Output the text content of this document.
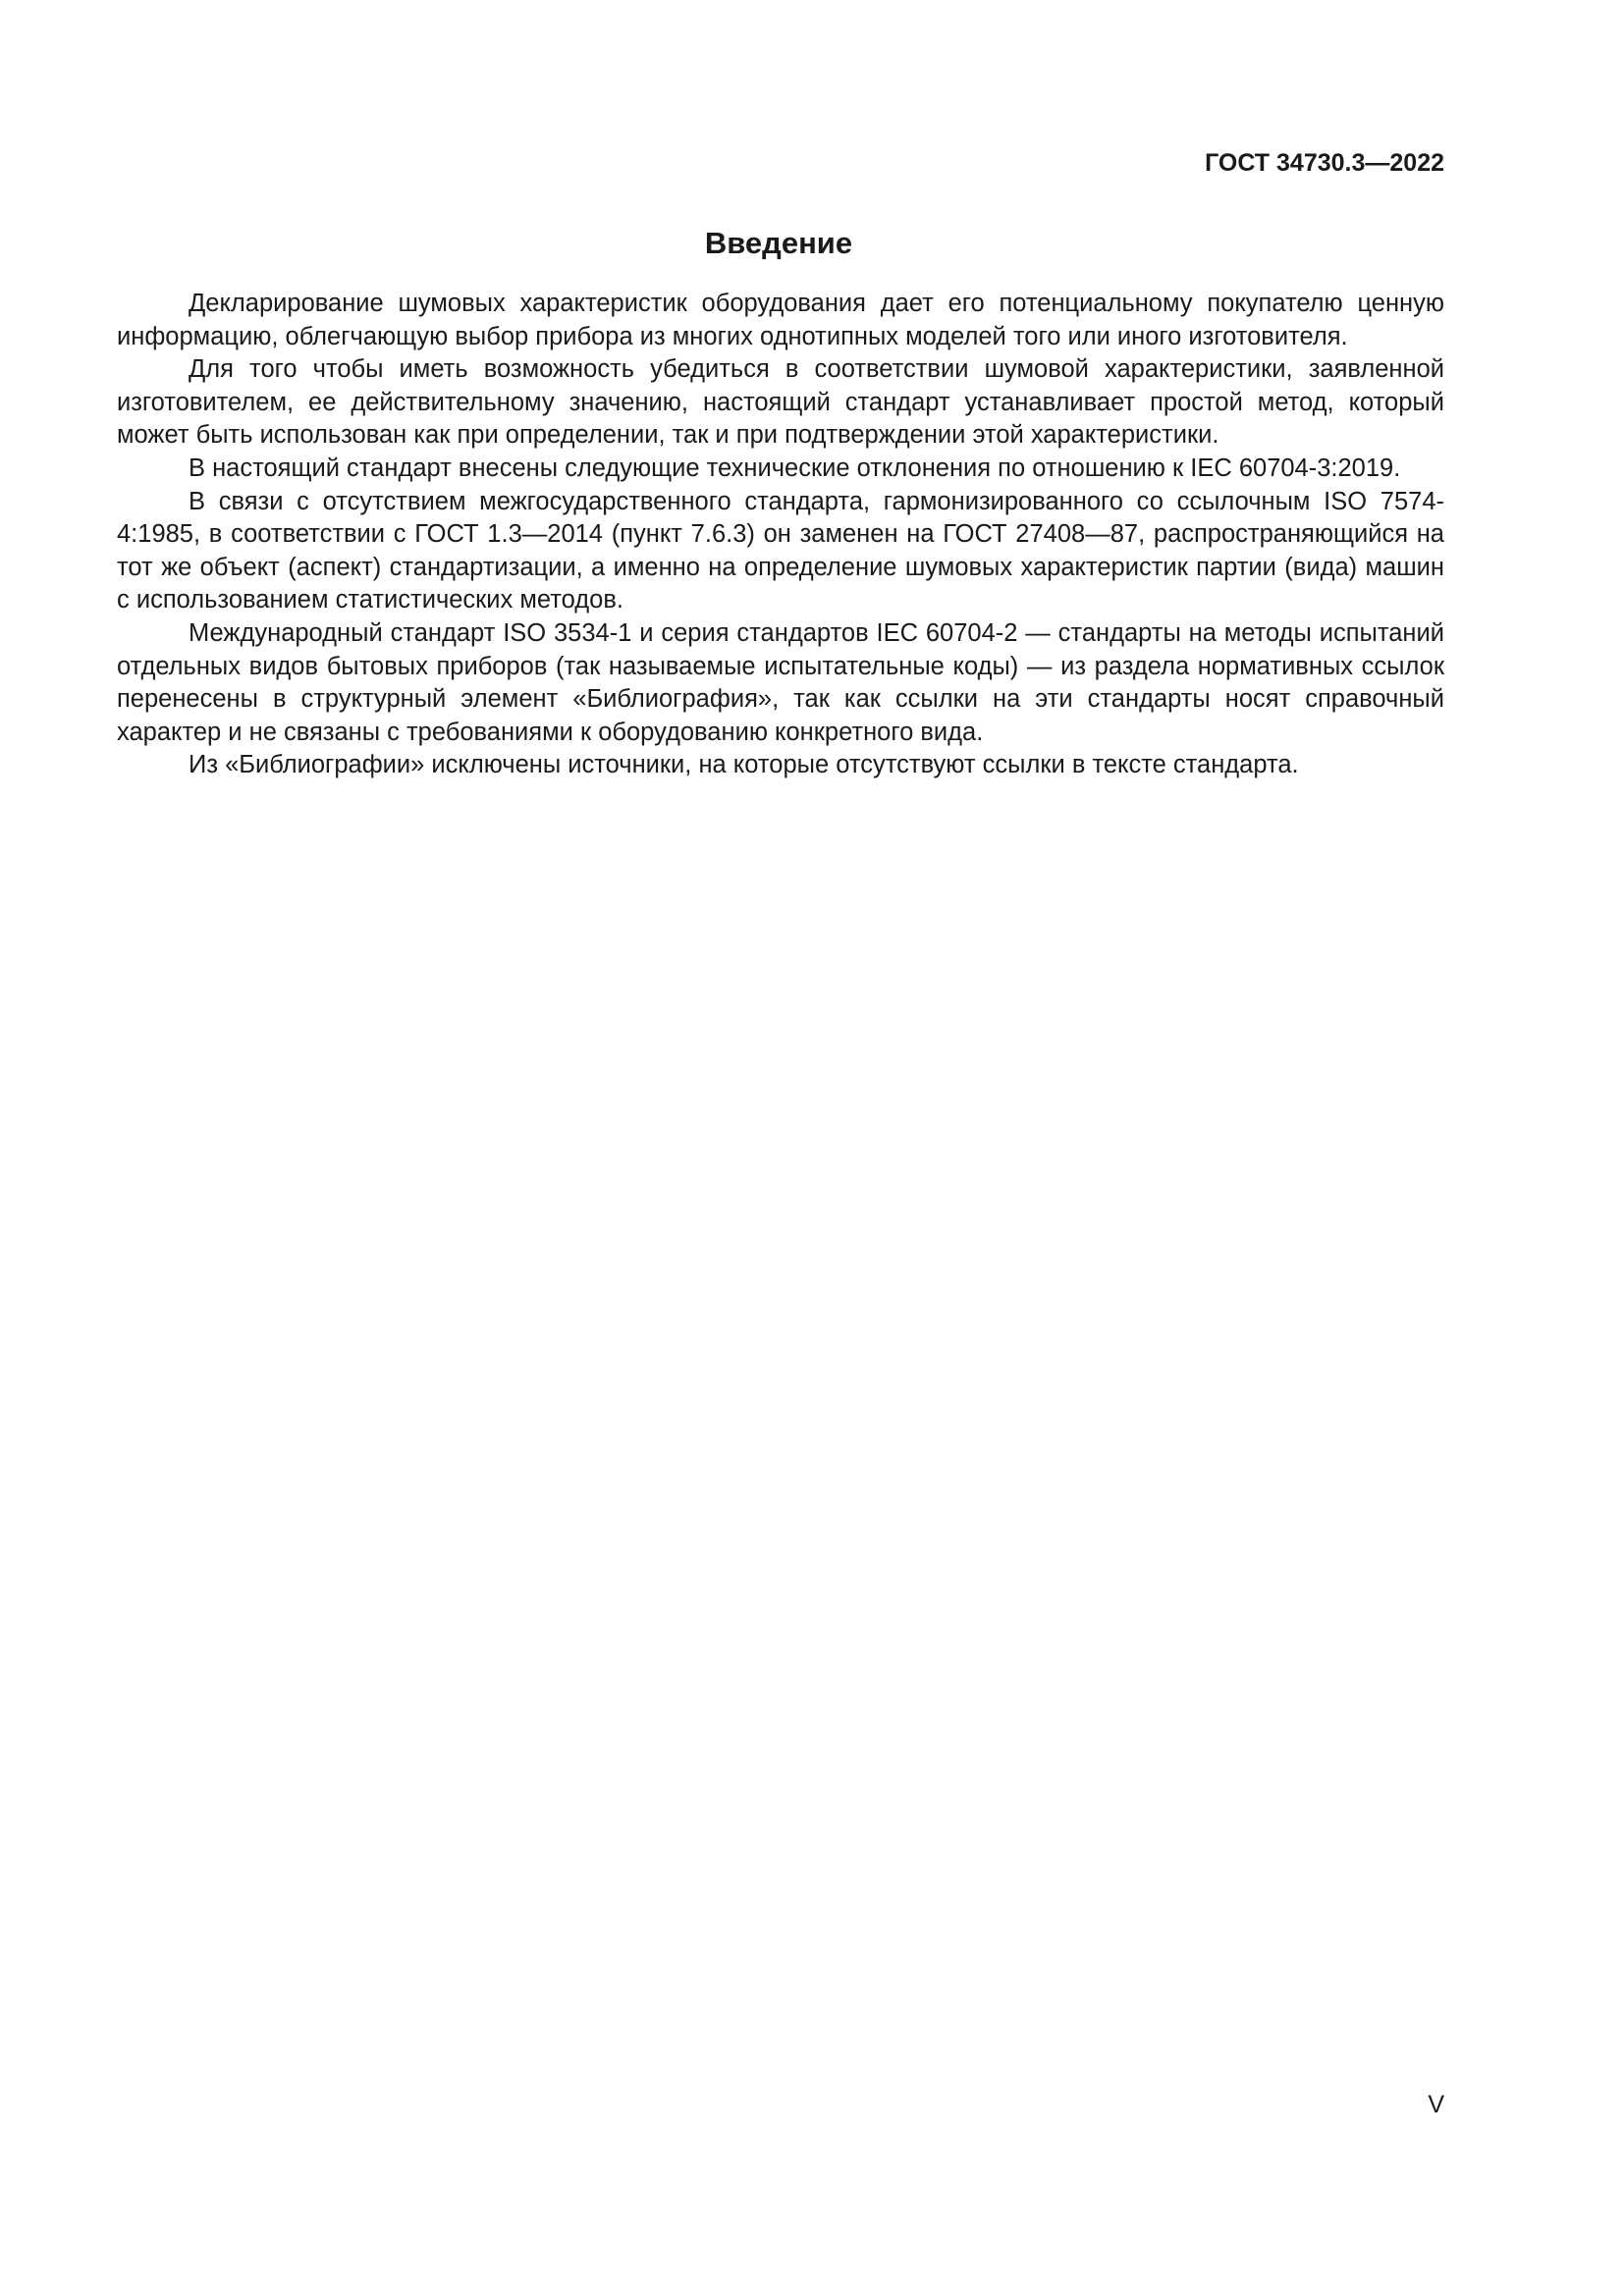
ГОСТ 34730.3—2022
Введение

Декларирование шумовых характеристик оборудования дает его потенциальному покупателю ценную информацию, облегчающую выбор прибора из многих однотипных моделей того или иного изготовителя.

Для того чтобы иметь возможность убедиться в соответствии шумовой характеристики, заявленной изготовителем, ее действительному значению, настоящий стандарт устанавливает простой метод, который может быть использован как при определении, так и при подтверждении этой характеристики.

В настоящий стандарт внесены следующие технические отклонения по отношению к IEC 60704-3:2019.

В связи с отсутствием межгосударственного стандарта, гармонизированного со ссылочным ISO 7574-4:1985, в соответствии с ГОСТ 1.3—2014 (пункт 7.6.3) он заменен на ГОСТ 27408—87, распространяющийся на тот же объект (аспект) стандартизации, а именно на определение шумовых характеристик партии (вида) машин с использованием статистических методов.

Международный стандарт ISO 3534-1 и серия стандартов IEC 60704-2 — стандарты на методы испытаний отдельных видов бытовых приборов (так называемые испытательные коды) — из раздела нормативных ссылок перенесены в структурный элемент «Библиография», так как ссылки на эти стандарты носят справочный характер и не связаны с требованиями к оборудованию конкретного вида.

Из «Библиографии» исключены источники, на которые отсутствуют ссылки в тексте стандарта.

V
